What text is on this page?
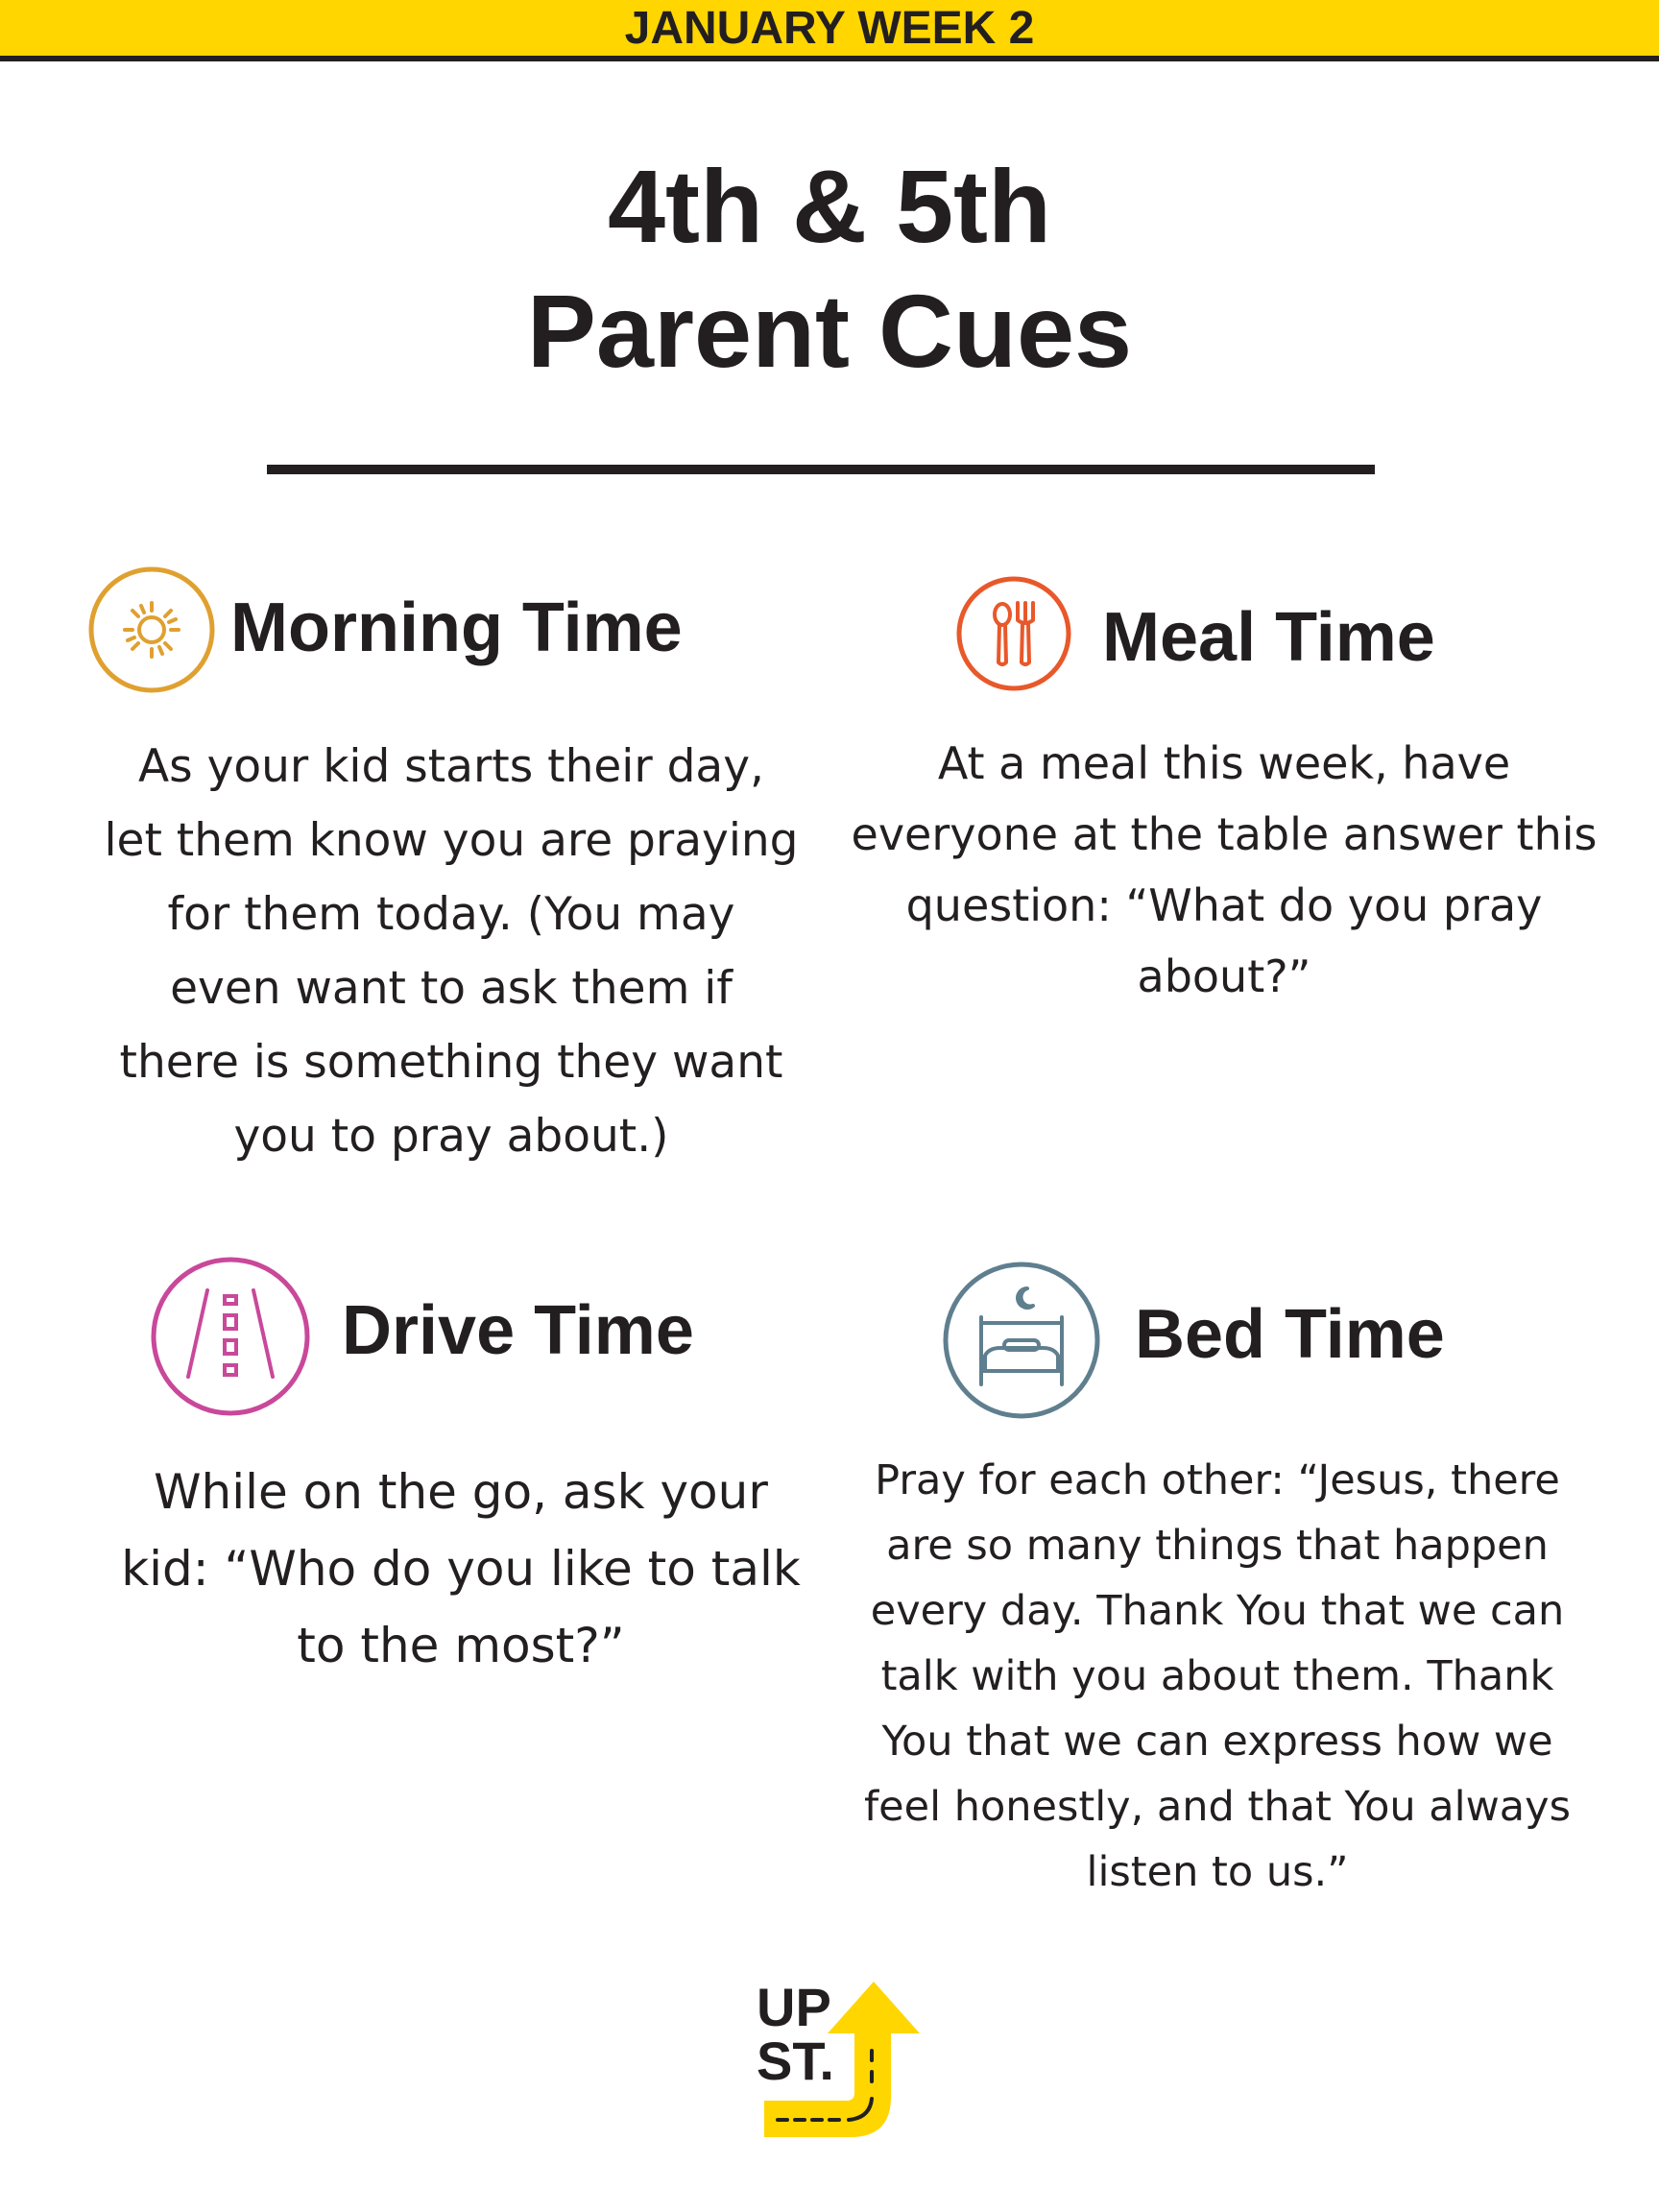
JANUARY WEEK 2
4th & 5th
Parent Cues
Morning Time
As your kid starts their day,
let them know you are praying
for them today. (You may
even want to ask them if
there is something they want
you to pray about.)
Meal Time
At a meal this week, have
everyone at the table answer this
question: “What do you pray
about?”
Drive Time
While on the go, ask your
kid: “Who do you like to talk
to the most?”
Bed Time
Pray for each other: “Jesus, there
are so many things that happen
every day. Thank You that we can
talk with you about them. Thank
You that we can express how we
feel honestly, and that You always
listen to us.”
UP
ST.
